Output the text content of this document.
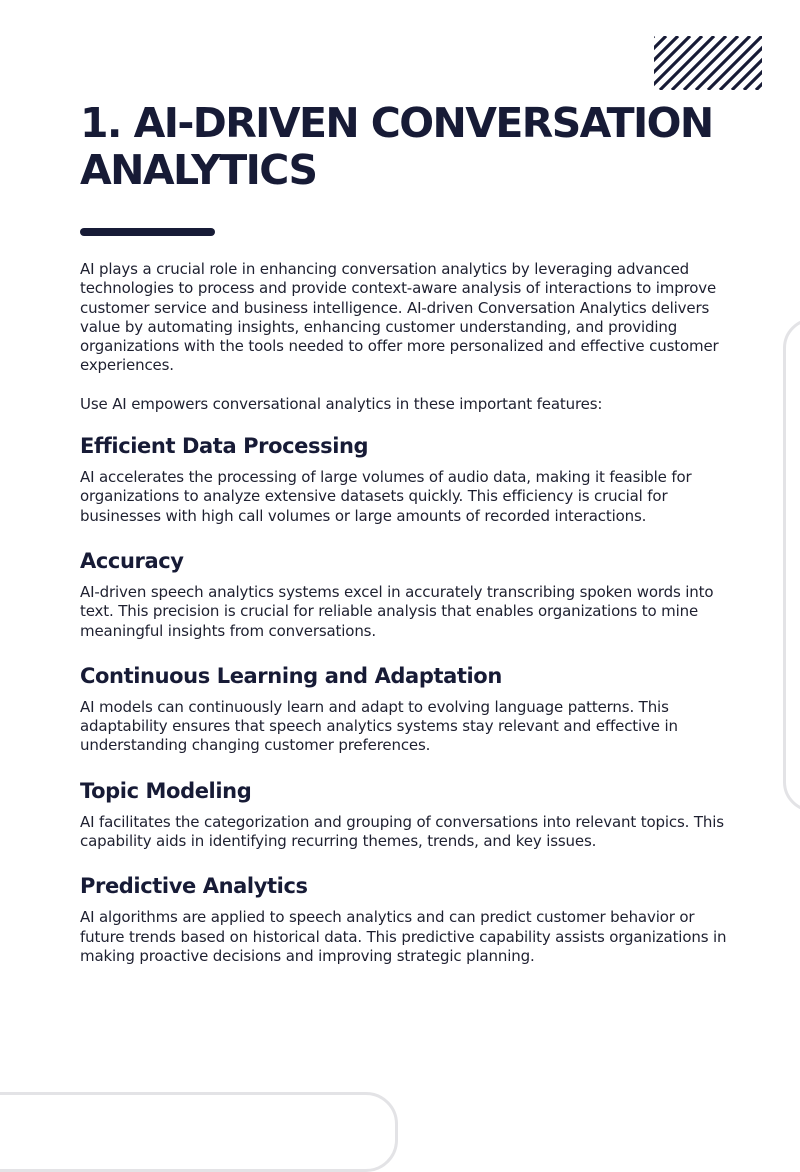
1. AI-DRIVEN CONVERSATION ANALYTICS

AI plays a crucial role in enhancing conversation analytics by leveraging advanced technologies to process and provide context-aware analysis of interactions to improve customer service and business intelligence. AI-driven Conversation Analytics delivers value by automating insights, enhancing customer understanding, and providing organizations with the tools needed to offer more personalized and effective customer experiences.

Use AI empowers conversational analytics in these important features:

Efficient Data Processing

AI accelerates the processing of large volumes of audio data, making it feasible for organizations to analyze extensive datasets quickly. This efficiency is crucial for businesses with high call volumes or large amounts of recorded interactions.

Accuracy

AI-driven speech analytics systems excel in accurately transcribing spoken words into text. This precision is crucial for reliable analysis that enables organizations to mine meaningful insights from conversations.

Continuous Learning and Adaptation

AI models can continuously learn and adapt to evolving language patterns. This adaptability ensures that speech analytics systems stay relevant and effective in understanding changing customer preferences.

Topic Modeling

AI facilitates the categorization and grouping of conversations into relevant topics. This capability aids in identifying recurring themes, trends, and key issues.

Predictive Analytics

AI algorithms are applied to speech analytics and can predict customer behavior or future trends based on historical data. This predictive capability assists organizations in making proactive decisions and improving strategic planning.
